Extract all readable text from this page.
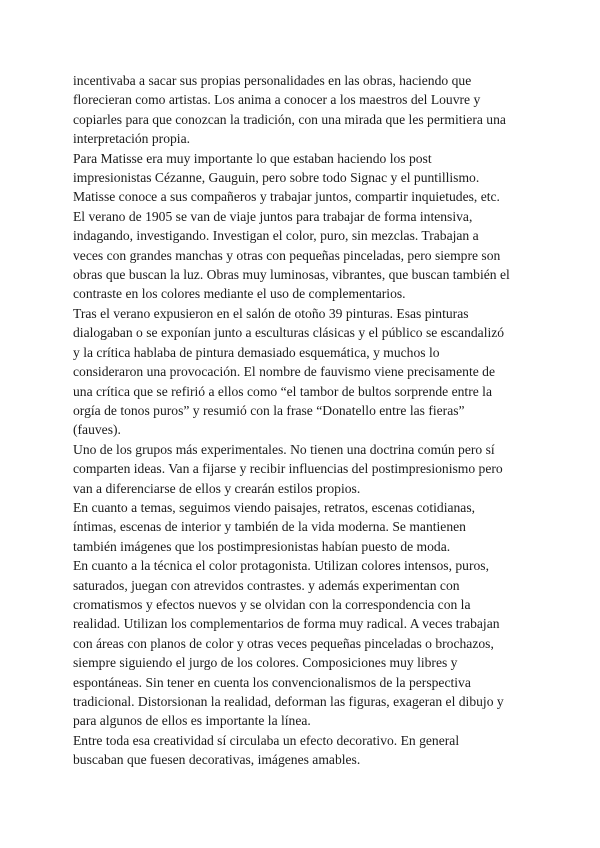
incentivaba a sacar sus propias personalidades en las obras, haciendo que
florecieran como artistas. Los anima a conocer a los maestros del Louvre y
copiarles para que conozcan la tradición, con una mirada que les permitiera una
interpretación propia.

Para Matisse era muy importante lo que estaban haciendo los post
impresionistas Cézanne, Gauguin, pero sobre todo Signac y el puntillismo.

Matisse conoce a sus compañeros y trabajar juntos, compartir inquietudes, etc.

El verano de 1905 se van de viaje juntos para trabajar de forma intensiva,
indagando, investigando. Investigan el color, puro, sin mezclas. Trabajan a
veces con grandes manchas y otras con pequeñas pinceladas, pero siempre son
obras que buscan la luz. Obras muy luminosas, vibrantes, que buscan también el
contraste en los colores mediante el uso de complementarios.

Tras el verano expusieron en el salón de otoño 39 pinturas. Esas pinturas
dialogaban o se exponían junto a esculturas clásicas y el público se escandalizó
y la crítica hablaba de pintura demasiado esquemática, y muchos lo
consideraron una provocación. El nombre de fauvismo viene precisamente de
una crítica que se refirió a ellos como “el tambor de bultos sorprende entre la
orgía de tonos puros” y resumió con la frase “Donatello entre las fieras”
(fauves).

Uno de los grupos más experimentales. No tienen una doctrina común pero sí
comparten ideas. Van a fijarse y recibir influencias del postimpresionismo pero
van a diferenciarse de ellos y crearán estilos propios.

En cuanto a temas, seguimos viendo paisajes, retratos, escenas cotidianas,
íntimas, escenas de interior y también de la vida moderna. Se mantienen
también imágenes que los postimpresionistas habían puesto de moda.

En cuanto a la técnica el color protagonista. Utilizan colores intensos, puros,
saturados, juegan con atrevidos contrastes. y además experimentan con
cromatismos y efectos nuevos y se olvidan con la correspondencia con la
realidad. Utilizan los complementarios de forma muy radical. A veces trabajan
con áreas con planos de color y otras veces pequeñas pinceladas o brochazos,
siempre siguiendo el jurgo de los colores. Composiciones muy libres y
espontáneas. Sin tener en cuenta los convencionalismos de la perspectiva
tradicional. Distorsionan la realidad, deforman las figuras, exageran el dibujo y
para algunos de ellos es importante la línea.

Entre toda esa creatividad sí circulaba un efecto decorativo. En general
buscaban que fuesen decorativas, imágenes amables.
